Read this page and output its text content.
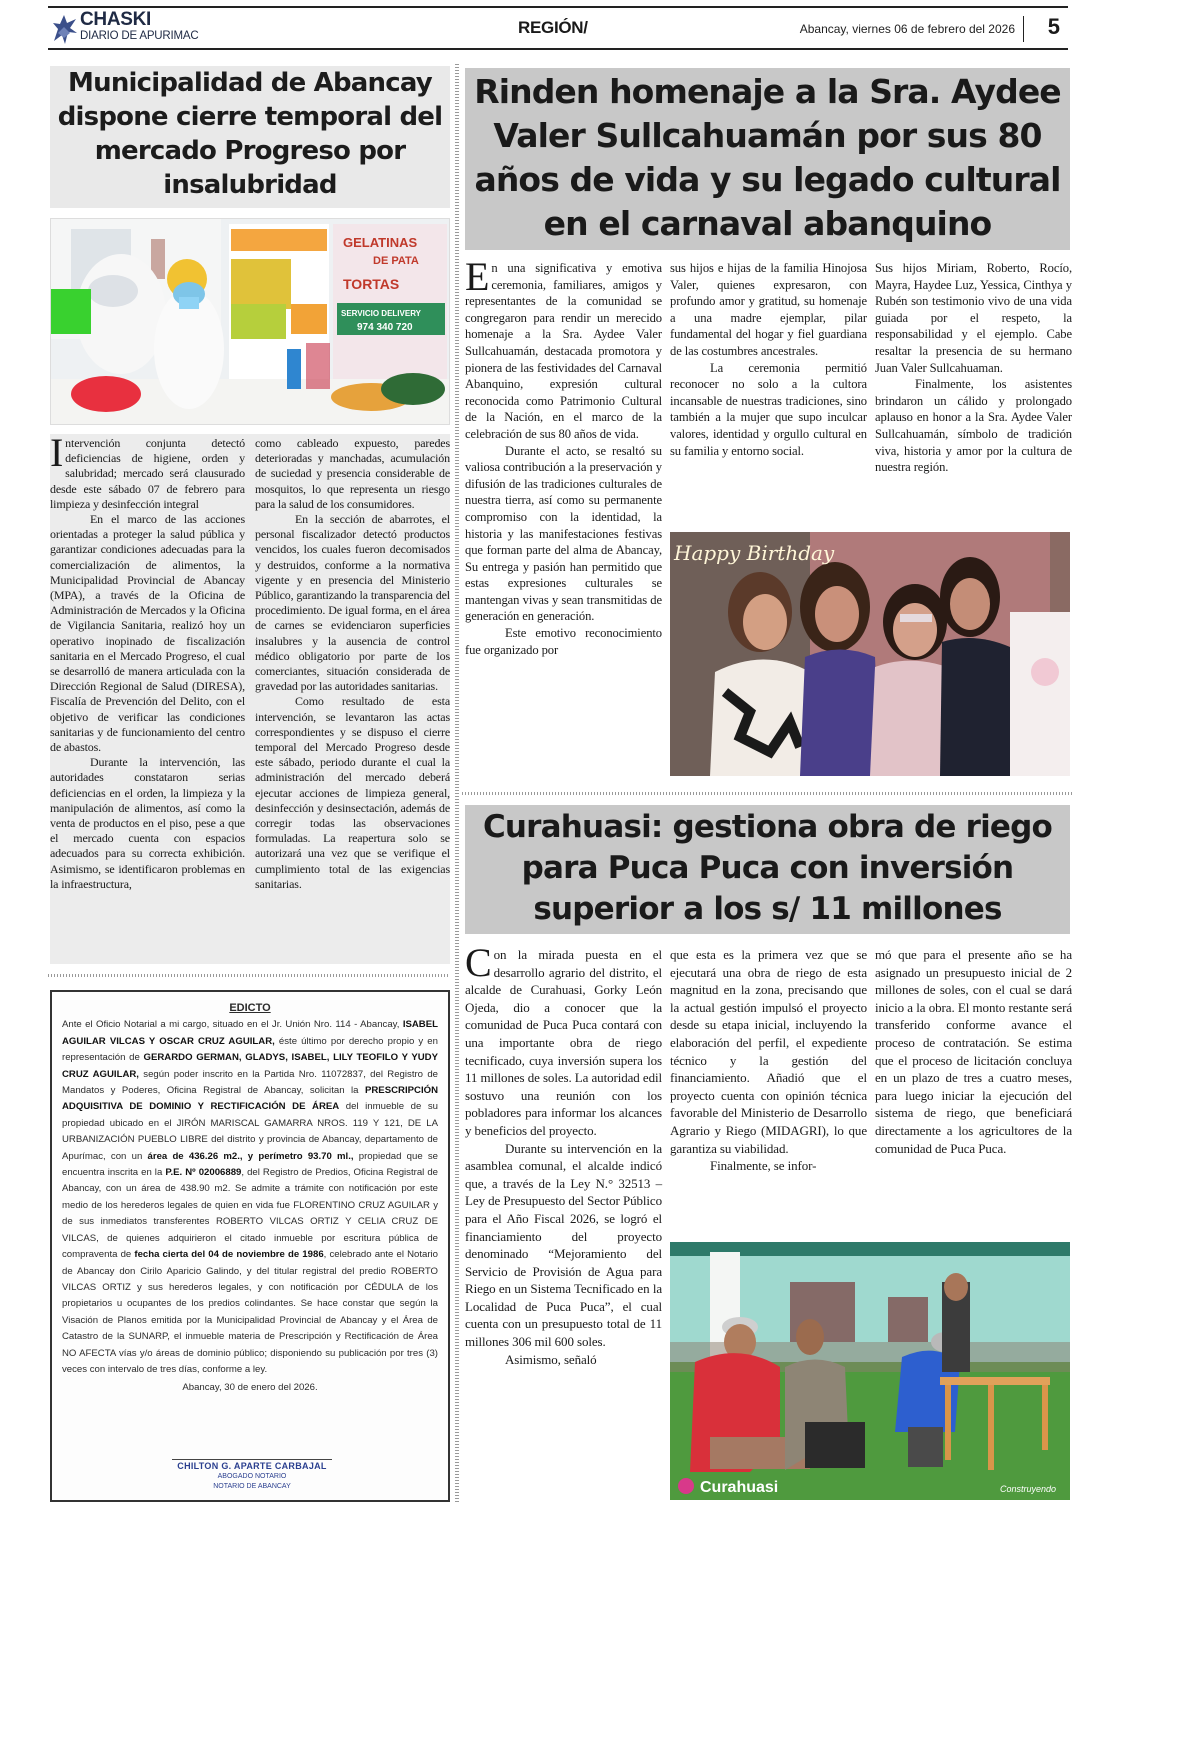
CHASKI
DIARIO DE APURIMAC	REGIÓN/	Abancay, viernes 06 de febrero del 2026	5
Municipalidad de Abancay dispone cierre temporal del mercado Progreso por insalubridad
GELATINAS
DE PATA
TORTAS
SERVICIO DELIVERY
974 340 720

Intervención conjunta detectó deficiencias de higiene, orden y salubridad; mercado será clausurado desde este sábado 07 de febrero para limpieza y desinfección integral

En el marco de las acciones orientadas a proteger la salud pública y garantizar condiciones adecuadas para la comercialización de alimentos, la Municipalidad Provincial de Abancay (MPA), a través de la Oficina de Administración de Mercados y la Oficina de Vigilancia Sanitaria, realizó hoy un operativo inopinado de fiscalización sanitaria en el Mercado Progreso, el cual se desarrolló de manera articulada con la Dirección Regional de Salud (DIRESA), Fiscalía de Prevención del Delito, con el objetivo de verificar las condiciones sanitarias y de funcionamiento del centro de abastos.

Durante la intervención, las autoridades constataron serias deficiencias en el orden, la limpieza y la manipulación de alimentos, así como la venta de productos en el piso, pese a que el mercado cuenta con espacios adecuados para su correcta exhibición. Asimismo, se identificaron problemas en la infraestructura,

como cableado expuesto, paredes deterioradas y manchadas, acumulación de suciedad y presencia considerable de mosquitos, lo que representa un riesgo para la salud de los consumidores.

En la sección de abarrotes, el personal fiscalizador detectó productos vencidos, los cuales fueron decomisados y destruidos, conforme a la normativa vigente y en presencia del Ministerio Público, garantizando la transparencia del procedimiento. De igual forma, en el área de carnes se evidenciaron superficies insalubres y la ausencia de control médico obligatorio por parte de los comerciantes, situación considerada de gravedad por las autoridades sanitarias.

Como resultado de esta intervención, se levantaron las actas correspondientes y se dispuso el cierre temporal del Mercado Progreso desde este sábado, periodo durante el cual la administración del mercado deberá ejecutar acciones de limpieza general, desinfección y desinsectación, además de corregir todas las observaciones formuladas. La reapertura solo se autorizará una vez que se verifique el cumplimiento total de las exigencias sanitarias.

EDICTO
Ante el Oficio Notarial a mi cargo, situado en el Jr. Unión Nro. 114 - Abancay, ISABEL AGUILAR VILCAS Y OSCAR CRUZ AGUILAR, éste último por derecho propio y en representación de GERARDO GERMAN, GLADYS, ISABEL, LILY TEOFILO Y YUDY CRUZ AGUILAR, según poder inscrito en la Partida Nro. 11072837, del Registro de Mandatos y Poderes, Oficina Registral de Abancay, solicitan la PRESCRIPCIÓN ADQUISITIVA DE DOMINIO Y RECTIFICACIÓN DE ÁREA del inmueble de su propiedad ubicado en el JIRÓN MARISCAL GAMARRA NROS. 119 Y 121, DE LA URBANIZACIÓN PUEBLO LIBRE del distrito y provincia de Abancay, departamento de Apurímac, con un área de 436.26 m2., y perímetro 93.70 ml., propiedad que se encuentra inscrita en la P.E. Nº 02006889, del Registro de Predios, Oficina Registral de Abancay, con un área de 438.90 m2. Se admite a trámite con notificación por este medio de los herederos legales de quien en vida fue FLORENTINO CRUZ AGUILAR y de sus inmediatos transferentes ROBERTO VILCAS ORTIZ Y CELIA CRUZ DE VILCAS, de quienes adquirieron el citado inmueble por escritura pública de compraventa de fecha cierta del 04 de noviembre de 1986, celebrado ante el Notario de Abancay don Cirilo Aparicio Galindo, y del titular registral del predio ROBERTO VILCAS ORTIZ y sus herederos legales, y con notificación por CÉDULA de los propietarios u ocupantes de los predios colindantes. Se hace constar que según la Visación de Planos emitida por la Municipalidad Provincial de Abancay y el Área de Catastro de la SUNARP, el inmueble materia de Prescripción y Rectificación de Área NO AFECTA vías y/o áreas de dominio público; disponiendo su publicación por tres (3) veces con intervalo de tres días, conforme a ley.
Abancay, 30 de enero del 2026.
CHILTON G. APARTE CARBAJAL
ABOGADO NOTARIO
NOTARIO DE ABANCAY
Rinden homenaje a la Sra. Aydee Valer Sullcahuamán por sus 80 años de vida y su legado cultural en el carnaval abanquino

En una significativa y emotiva ceremonia, familiares, amigos y representantes de la comunidad se congregaron para rendir un merecido homenaje a la Sra. Aydee Valer Sullcahuamán, destacada promotora y pionera de las festividades del Carnaval Abanquino, expresión cultural reconocida como Patrimonio Cultural de la Nación, en el marco de la celebración de sus 80 años de vida.

Durante el acto, se resaltó su valiosa contribución a la preservación y difusión de las tradiciones culturales de nuestra tierra, así como su permanente compromiso con la identidad, la historia y las manifestaciones festivas que forman parte del alma de Abancay, Su entrega y pasión han permitido que estas expresiones culturales se mantengan vivas y sean transmitidas de generación en generación.

Este emotivo reconocimiento fue organizado por

sus hijos e hijas de la familia Hinojosa Valer, quienes expresaron, con profundo amor y gratitud, su homenaje a una madre ejemplar, pilar fundamental del hogar y fiel guardiana de las costumbres ancestrales.

La ceremonia permitió reconocer no solo a la cultora incansable de nuestras tradiciones, sino también a la mujer que supo inculcar valores, identidad y orgullo cultural en su familia y entorno social.

Sus hijos Miriam, Roberto, Rocío, Mayra, Haydee Luz, Yessica, Cinthya y Rubén son testimonio vivo de una vida guiada por el respeto, la responsabilidad y el ejemplo. Cabe resaltar la presencia de su hermano Juan Valer Sullcahuaman.

Finalmente, los asistentes brindaron un cálido y prolongado aplauso en honor a la Sra. Aydee Valer Sullcahuamán, símbolo de tradición viva, historia y amor por la cultura de nuestra región.

Happy Birthday
Curahuasi: gestiona obra de riego para Puca Puca con inversión superior a los s/ 11 millones

Con la mirada puesta en el desarrollo agrario del distrito, el alcalde de Curahuasi, Gorky León Ojeda, dio a conocer que la comunidad de Puca Puca contará con una importante obra de riego tecnificado, cuya inversión supera los 11 millones de soles. La autoridad edil sostuvo una reunión con los pobladores para informar los alcances y beneficios del proyecto.

Durante su intervención en la asamblea comunal, el alcalde indicó que, a través de la Ley N.° 32513 – Ley de Presupuesto del Sector Público para el Año Fiscal 2026, se logró el financiamiento del proyecto denominado “Mejoramiento del Servicio de Provisión de Agua para Riego en un Sistema Tecnificado en la Localidad de Puca Puca”, el cual cuenta con un presupuesto total de 11 millones 306 mil 600 soles.

Asimismo, señaló

que esta es la primera vez que se ejecutará una obra de riego de esta magnitud en la zona, precisando que la actual gestión impulsó el proyecto desde su etapa inicial, incluyendo la elaboración del perfil, el expediente técnico y la gestión del financiamiento. Añadió que el proyecto cuenta con opinión técnica favorable del Ministerio de Desarrollo Agrario y Riego (MIDAGRI), lo que garantiza su viabilidad.

Finalmente, se infor-

mó que para el presente año se ha asignado un presupuesto inicial de 2 millones de soles, con el cual se dará inicio a la obra. El monto restante será transferido conforme avance el proceso de contratación. Se estima que el proceso de licitación concluya en un plazo de tres a cuatro meses, para luego iniciar la ejecución del sistema de riego, que beneficiará directamente a los agricultores de la comunidad de Puca Puca.

Curahuasi	Construyendo
